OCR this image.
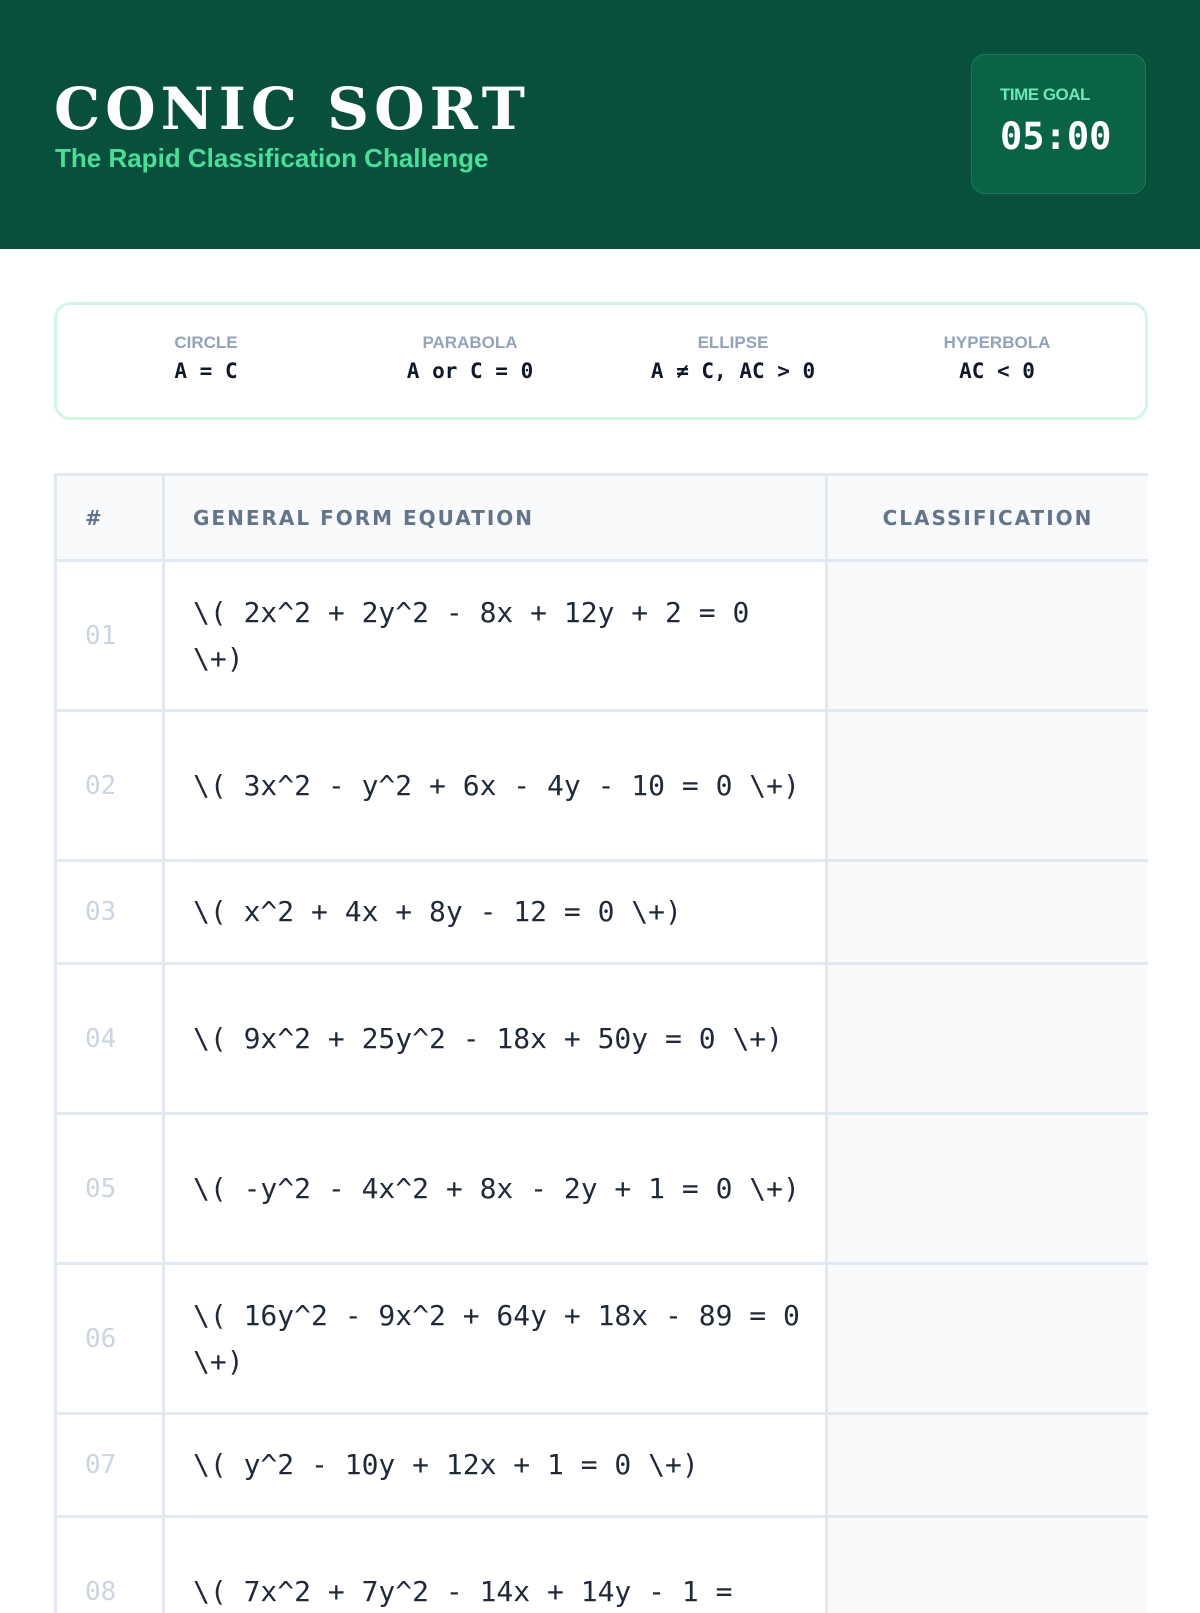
CONIC SORT
The Rapid Classification Challenge
TIME GOAL
05:00
CIRCLE
A = C
PARABOLA
A or C = 0
ELLIPSE
A ≠ C, AC > 0
HYPERBOLA
AC < 0
#	GENERAL FORM EQUATION	CLASSIFICATION
01	\( 2x^2 + 2y^2 - 8x + 12y + 2 = 0 \+)	
02	\( 3x^2 - y^2 + 6x - 4y - 10 = 0 \+)	
03	\( x^2 + 4x + 8y - 12 = 0 \+)	
04	\( 9x^2 + 25y^2 - 18x + 50y = 0 \+)	
05	\( -y^2 - 4x^2 + 8x - 2y + 1 = 0 \+)	
06	\( 16y^2 - 9x^2 + 64y + 18x - 89 = 0 \+)	
07	\( y^2 - 10y + 12x + 1 = 0 \+)	
08	\( 7x^2 + 7y^2 - 14x + 14y - 1 =	
